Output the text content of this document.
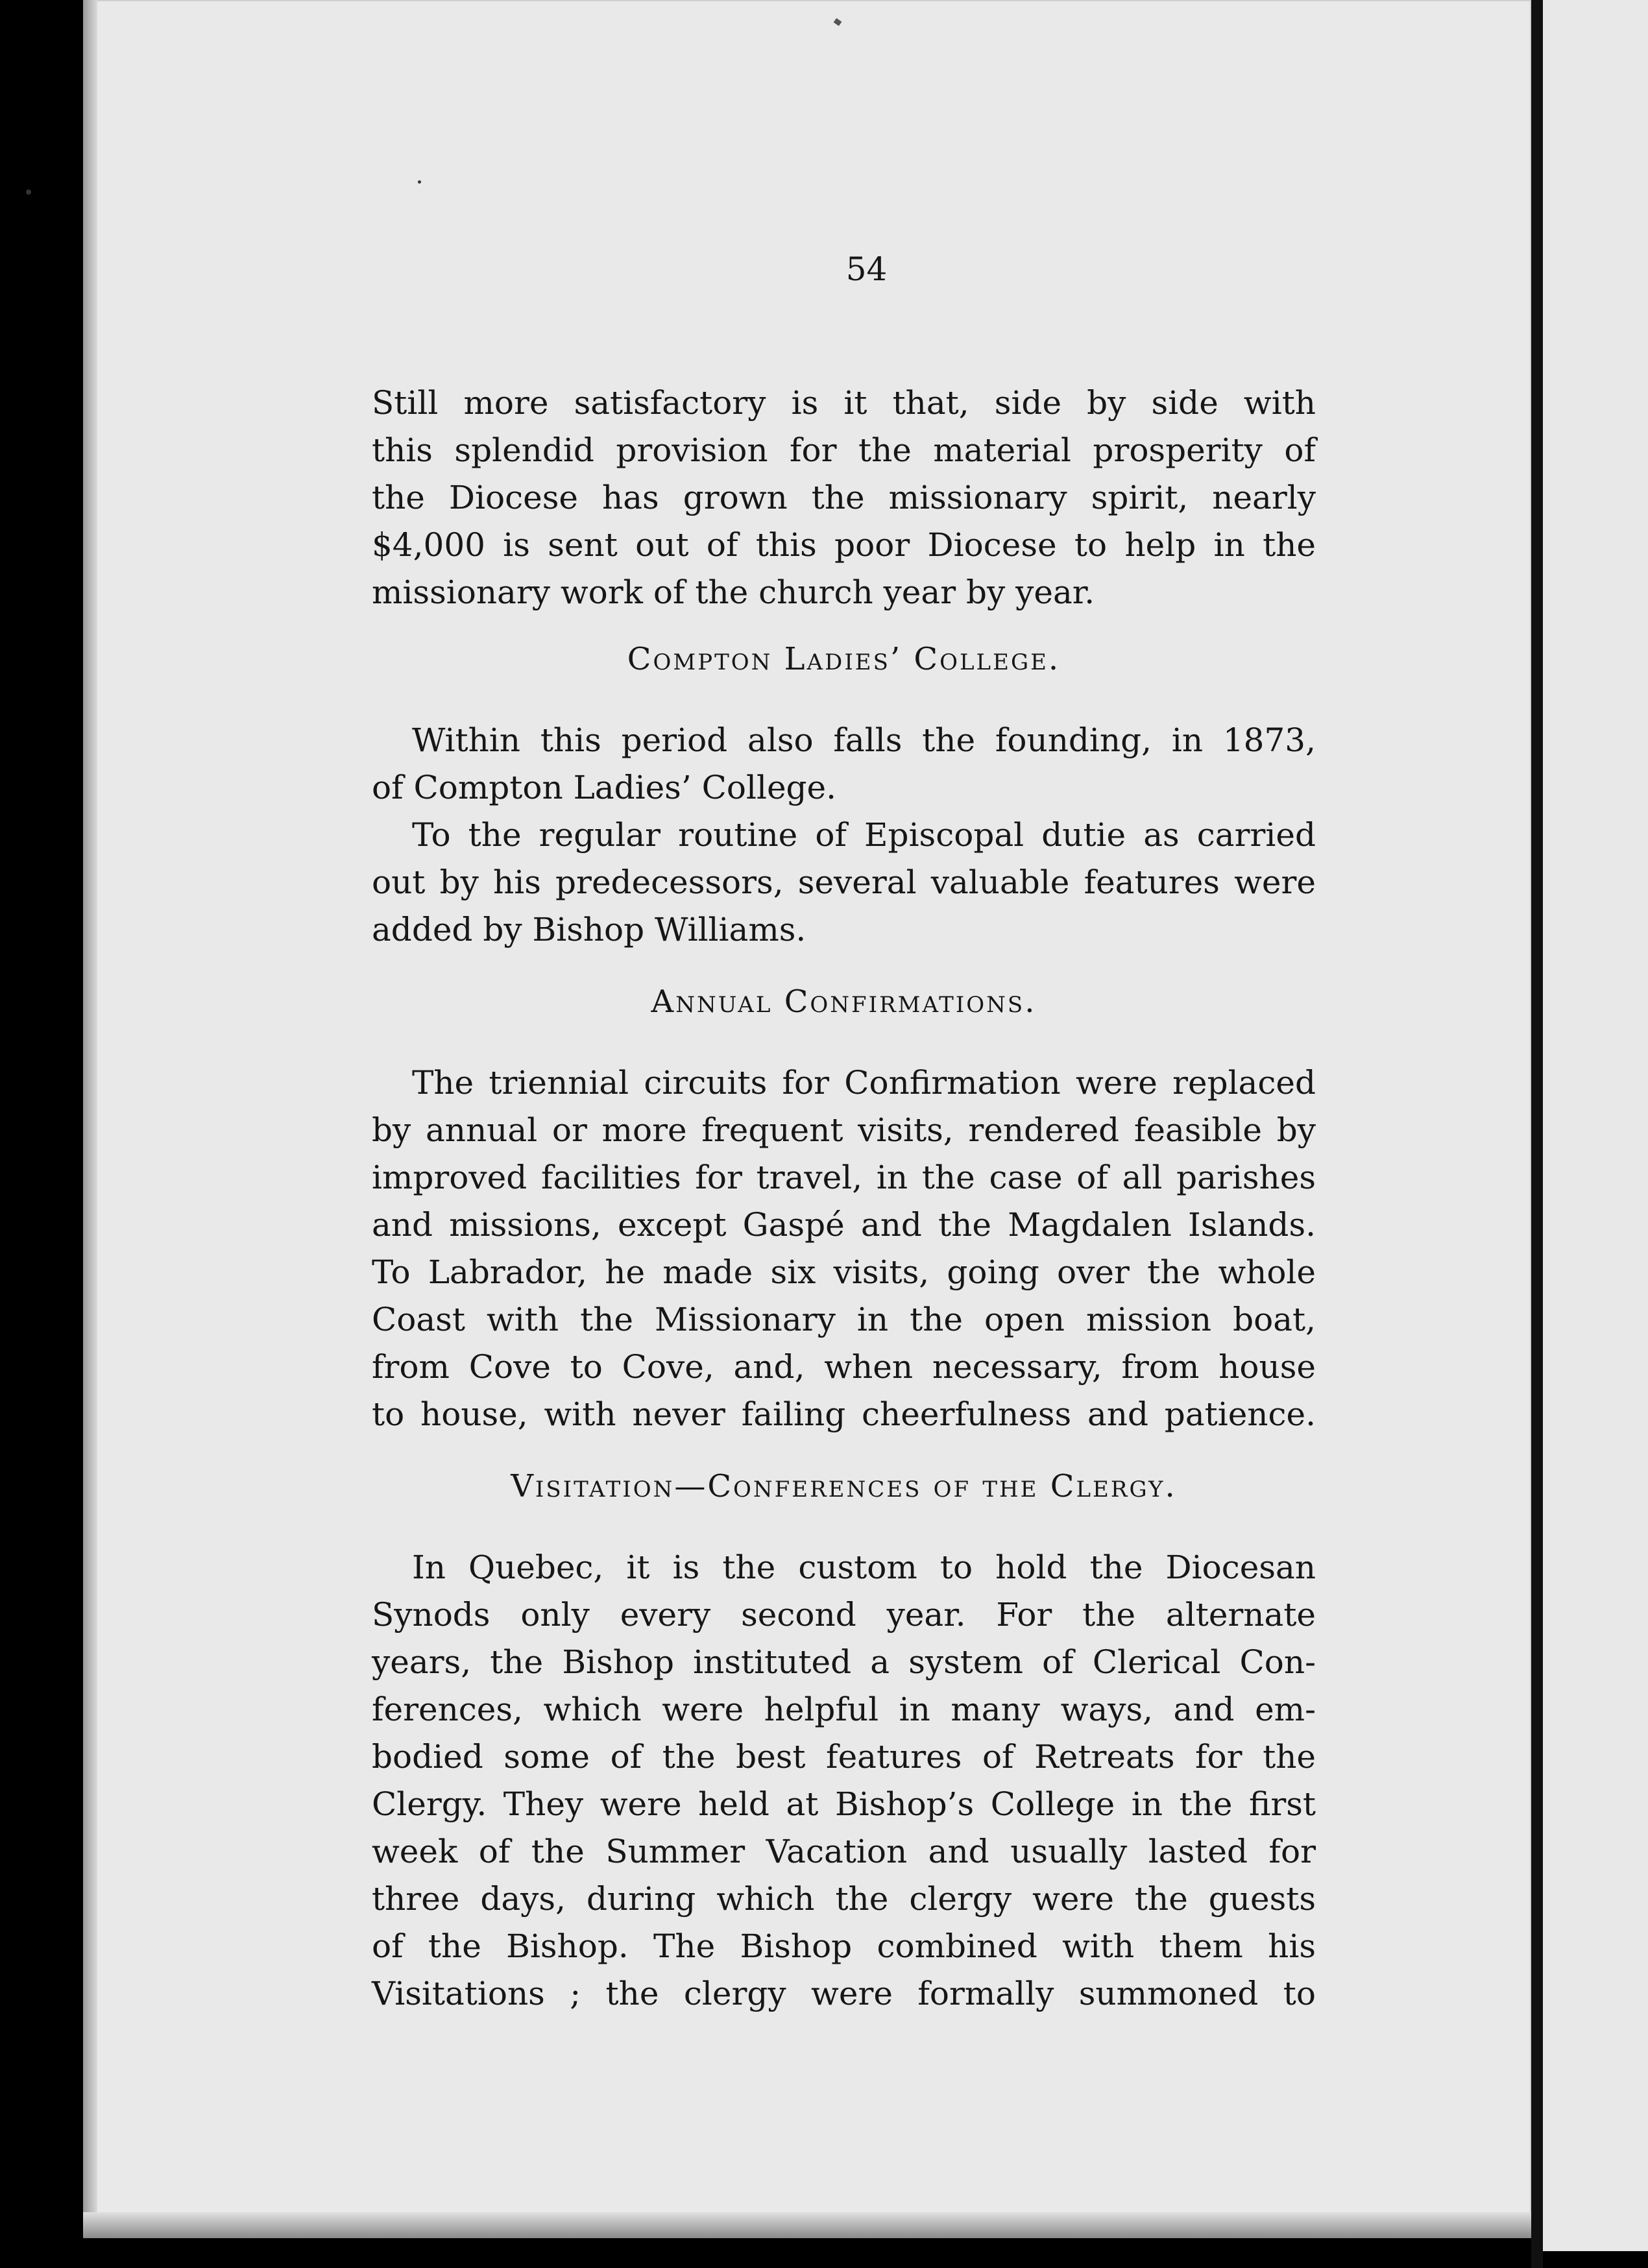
54
Still more satisfactory is it that, side by side with
this splendid provision for the material prosperity of
the Diocese has grown the missionary spirit, nearly
$4,000 is sent out of this poor Diocese to help in the
missionary work of the church year by year.
Compton Ladies’ College.
Within this period also falls the founding, in 1873,
of Compton Ladies’ College.
To the regular routine of Episcopal dutie as carried
out by his predecessors, several valuable features were
added by Bishop Williams.
Annual Confirmations.
The triennial circuits for Confirmation were replaced
by annual or more frequent visits, rendered feasible by
improved facilities for travel, in the case of all parishes
and missions, except Gaspé and the Magdalen Islands.
To Labrador, he made six visits, going over the whole
Coast with the Missionary in the open mission boat,
from Cove to Cove, and, when necessary, from house
to house, with never failing cheerfulness and patience.
Visitation—Conferences of the Clergy.
In Quebec, it is the custom to hold the Diocesan
Synods only every second year. For the alternate
years, the Bishop instituted a system of Clerical Con-
ferences, which were helpful in many ways, and em-
bodied some of the best features of Retreats for the
Clergy. They were held at Bishop’s College in the first
week of the Summer Vacation and usually lasted for
three days, during which the clergy were the guests
of the Bishop. The Bishop combined with them his
Visitations ; the clergy were formally summoned to
